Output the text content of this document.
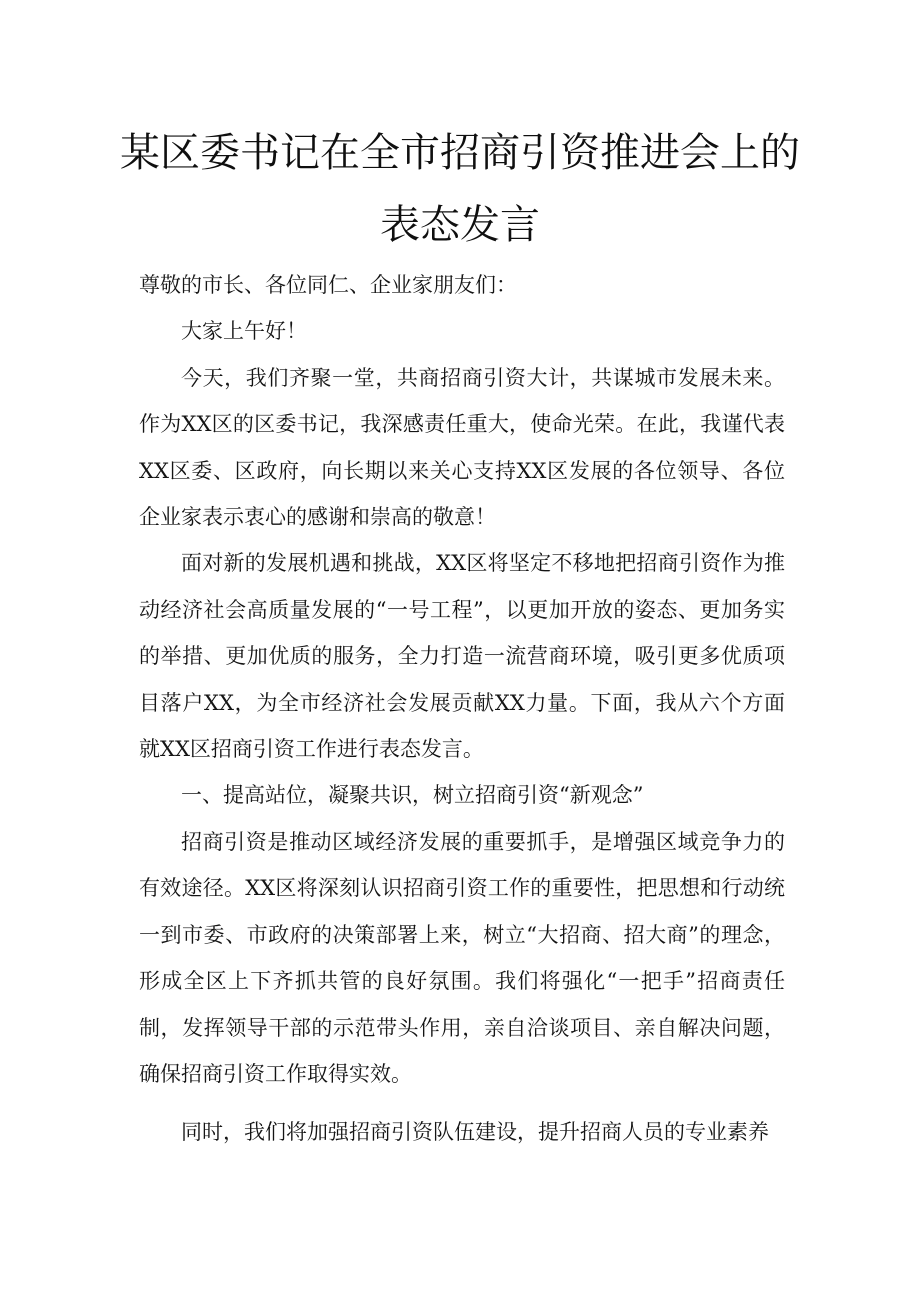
某区委书记在全市招商引资推进会上的
表态发言

尊敬的市长、各位同仁、企业家朋友们：

大家上午好！

今天，我们齐聚一堂，共商招商引资大计，共谋城市发展未来。作为XX区的区委书记，我深感责任重大，使命光荣。在此，我谨代表XX区委、区政府，向长期以来关心支持XX区发展的各位领导、各位企业家表示衷心的感谢和崇高的敬意！

面对新的发展机遇和挑战，XX区将坚定不移地把招商引资作为推动经济社会高质量发展的“一号工程”，以更加开放的姿态、更加务实的举措、更加优质的服务，全力打造一流营商环境，吸引更多优质项目落户XX，为全市经济社会发展贡献XX力量。下面，我从六个方面就XX区招商引资工作进行表态发言。

一、提高站位，凝聚共识，树立招商引资“新观念”

招商引资是推动区域经济发展的重要抓手，是增强区域竞争力的有效途径。XX区将深刻认识招商引资工作的重要性，把思想和行动统一到市委、市政府的决策部署上来，树立“大招商、招大商”的理念，形成全区上下齐抓共管的良好氛围。我们将强化“一把手”招商责任制，发挥领导干部的示范带头作用，亲自洽谈项目、亲自解决问题，确保招商引资工作取得实效。

同时，我们将加强招商引资队伍建设，提升招商人员的专业素养
